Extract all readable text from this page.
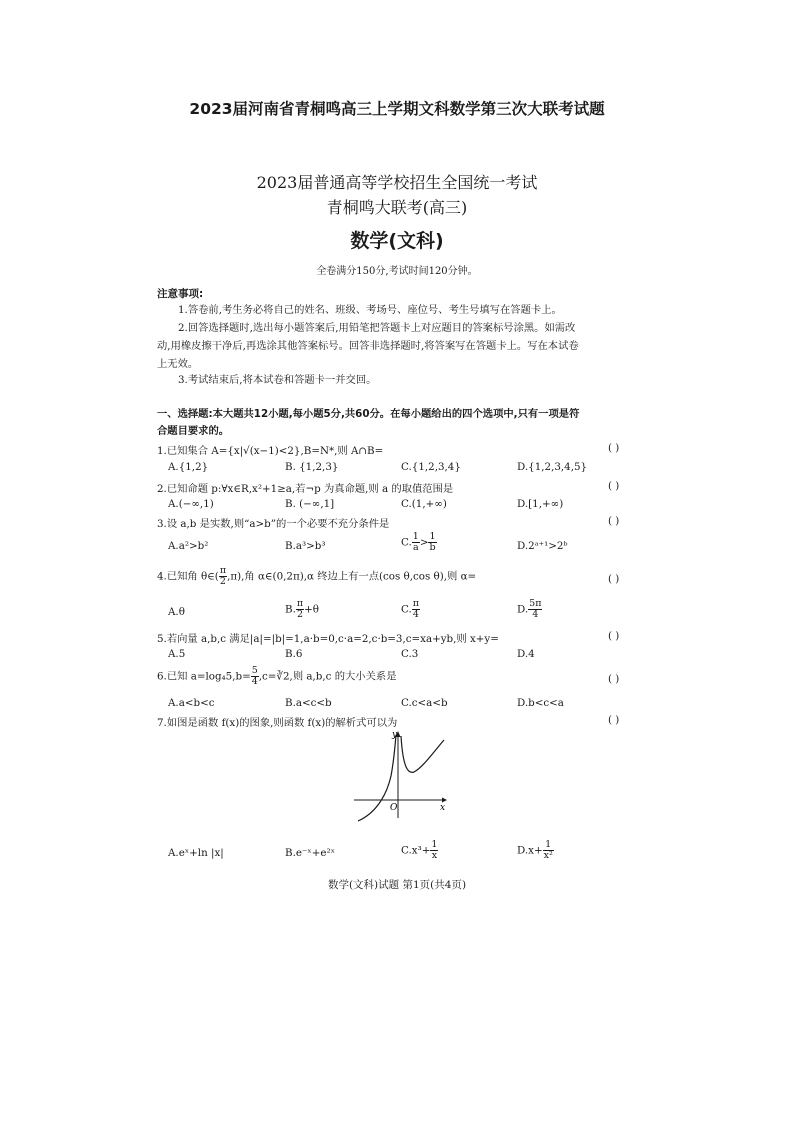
2023届河南省青桐鸣高三上学期文科数学第三次大联考试题
2023届普通高等学校招生全国统一考试
青桐鸣大联考(高三)
数学(文科)
全卷满分150分,考试时间120分钟。
注意事项:
1.答卷前,考生务必将自己的姓名、班级、考场号、座位号、考生号填写在答题卡上。
2.回答选择题时,选出每小题答案后,用铅笔把答题卡上对应题目的答案标号涂黑。如需改
动,用橡皮擦干净后,再选涂其他答案标号。回答非选择题时,将答案写在答题卡上。写在本试卷
上无效。
3.考试结束后,将本试卷和答题卡一并交回。
一、选择题:本大题共12小题,每小题5分,共60分。在每小题给出的四个选项中,只有一项是符
合题目要求的。
1.已知集合 A={x|√(x−1)<2},B=N*,则 A∩B=	( )
A.{1,2}	B. {1,2,3}	C.{1,2,3,4}	D.{1,2,3,4,5}
2.已知命题 p:∀x∈R,x²+1≥a,若¬p 为真命题,则 a 的取值范围是	( )
A.(−∞,1)	B. (−∞,1]	C.(1,+∞)	D.[1,+∞)
3.设 a,b 是实数,则“a>b”的一个必要不充分条件是	( )
A.a²>b²	B.a³>b³	C. $\frac{1}{a} > \frac{1}{b}$	D.2ᵃ⁺¹>2ᵇ
4.已知角 θ∈( $\frac{\pi}{2} ,\pi$),角 α∈(0,2π),α 终边上有一点(cos θ,cos θ),则 α=	( )
A.θ	B. $\frac{\pi}{2} +\theta$	C. $\frac{\pi}{4}$	D. $\frac{5\pi}{4}$
5.若向量 a,b,c 满足|a|=|b|=1,a·b=0,c·a=2,c·b=3,c=xa+yb,则 x+y=	( )
A.5	B.6	C.3	D.4
6.已知 $a=\log_45,b= \frac{5}{4}$ ,c=∛2,则 a,b,c 的大小关系是	( )
A.a<b<c	B.a<c<b	C.c<a<b	D.b<c<a
7.如图是函数 f(x)的图象,则函数 f(x)的解析式可以为	( )
y
x
O
A.eˣ+ln |x|	B.e⁻ˣ+e²ˣ	$C.x^3+ \frac{1}{x}$	$D.x+ \frac{1}{\text{x²}}$
数学(文科)试题 第1页(共4页)
